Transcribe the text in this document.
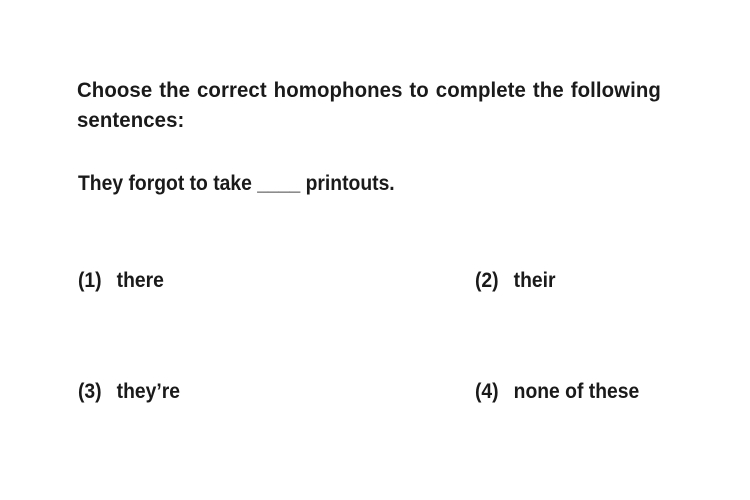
Choose the correct homophones to complete the following sentences:
They forgot to take ____ printouts.
(1) there	(2) their
(3) they’re	(4) none of these
